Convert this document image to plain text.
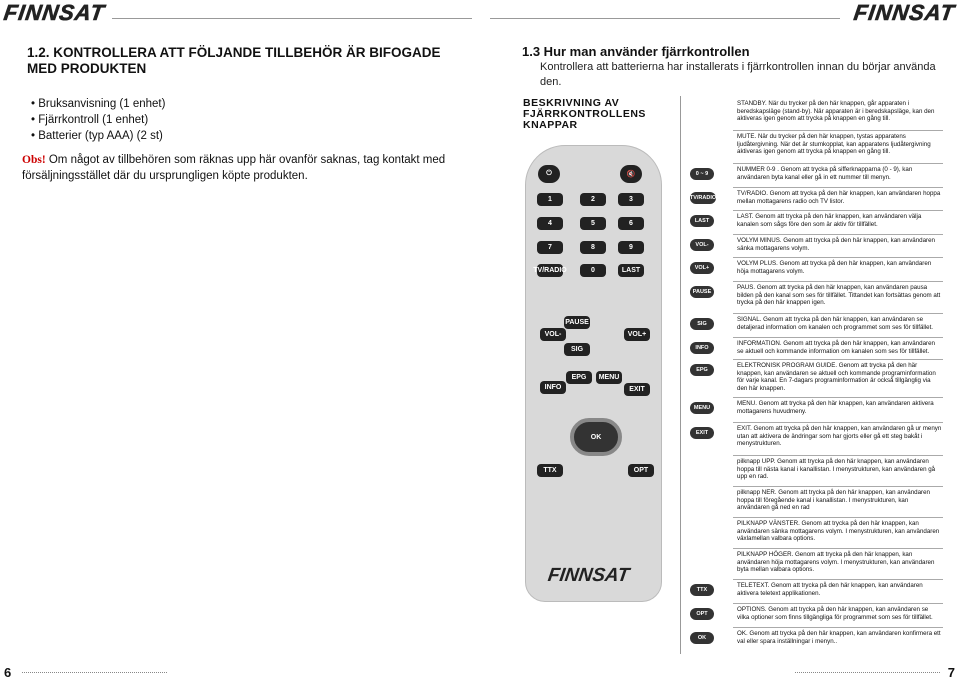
FINNSAT	FINNSAT
1.2. KONTROLLERA ATT FÖLJANDE TILLBEHÖR ÄR BIFOGADE MED PRODUKTEN
• Bruksanvisning (1 enhet)
• Fjärrkontroll (1 enhet)
• Batterier (typ AAA) (2 st)
Obs! Om något av tillbehören som räknas upp här ovanför saknas, tag kontakt med försäljningsstället där du ursprungligen köpte produkten.
1.3 Hur man använder fjärrkontrollen
Kontrollera att batterierna har installerats i fjärrkontrollen innan du börjar använda den.
BESKRIVNING AV
FJÄRRKONTROLLENS
KNAPPAR
⏻	🔇
1	2	3
4	5	6
7	8	9
TV/RADIO	0	LAST
VOL-
PAUSE
SIG
VOL+
INFO
EPG	MENU
EXIT
TTX	OPT
OK
FINNSAT
STANDBY. När du trycker på den här knappen, går apparaten i beredskapsläge (stand-by). När apparaten är i beredskapsläge, kan den aktiveras igen genom att trycka på knappen en gång till.
MUTE. När du trycker på den här knappen, tystas apparatens ljudåtergivning. När det är stumkopplat, kan apparatens ljudåtergivning aktiveras igen genom att trycka på knappen en gång till.
0 ~ 9
NUMMER 0-9 . Genom att trycka på sifferknapparna (0 - 9), kan användaren byta kanal eller gå in ett nummer till menyn.
TV/RADIO
TV/RADIO. Genom att trycka på den här knappen, kan användaren hoppa mellan mottagarens radio och TV listor.
LAST
LAST. Genom att trycka på den här knappen, kan användaren välja kanalen som sågs före den som är aktiv för tillfället.
VOL-
VOLYM MINUS. Genom att trycka på den här knappen, kan användaren sänka mottagarens volym.
VOL+
VOLYM PLUS. Genom att trycka på den här knappen, kan användaren höja mottagarens volym.
PAUSE
PAUS. Genom att trycka på den här knappen, kan användaren pausa bilden på den kanal som ses för tillfället. Tittandet kan fortsättas genom att trycka på den här knappen igen.
SIG
SIGNAL. Genom att trycka på den här knappen, kan användaren se detaljerad information om kanalen och programmet som ses för tillfället.
INFO
INFORMATION. Genom att trycka på den här knappen, kan användaren se aktuell och kommande information om kanalen som ses för tillfället.
EPG
ELEKTRONISK PROGRAM GUIDE. Genom att trycka på den här knappen, kan användaren se aktuell och kommande programinformation för varje kanal. En 7-dagars programinformation är också tillgänglig via den här knappen.
MENU
MENU. Genom att trycka på den här knappen, kan användaren aktivera mottagarens huvudmeny.
EXIT
EXIT. Genom att trycka på den här knappen, kan användaren gå ur menyn utan att aktivera de ändringar som har gjorts eller gå ett steg bakåt i menystrukturen.
pilknapp UPP. Genom att trycka på den här knappen, kan användaren hoppa till nästa kanal i kanallistan. I menystrukturen, kan användaren gå upp en rad.
pilknapp NER. Genom att trycka på den här knappen, kan användaren hoppa till föregående kanal i kanallistan. I menystrukturen, kan användaren gå ned en rad
PILKNAPP VÄNSTER. Genom att trycka på den här knappen, kan användaren sänka mottagarens volym. I menystrukturen, kan användaren växlamellan valbara options.
PILKNAPP HÖGER. Genom att trycka på den här knappen, kan användaren höja mottagarens volym. I menystrukturen, kan användaren byta mellan valbara options.
TTX
TELETEXT. Genom att trycka på den här knappen, kan användaren aktivera teletext applikationen.
OPT
OPTIONS. Genom att trycka på den här knappen, kan användaren se vilka optioner som finns tillgängliga för programmet som ses för tillfället.
OK
OK. Genom att trycka på den här knappen, kan användaren konfirmera ett val eller spara inställningar i menyn..
6	7
